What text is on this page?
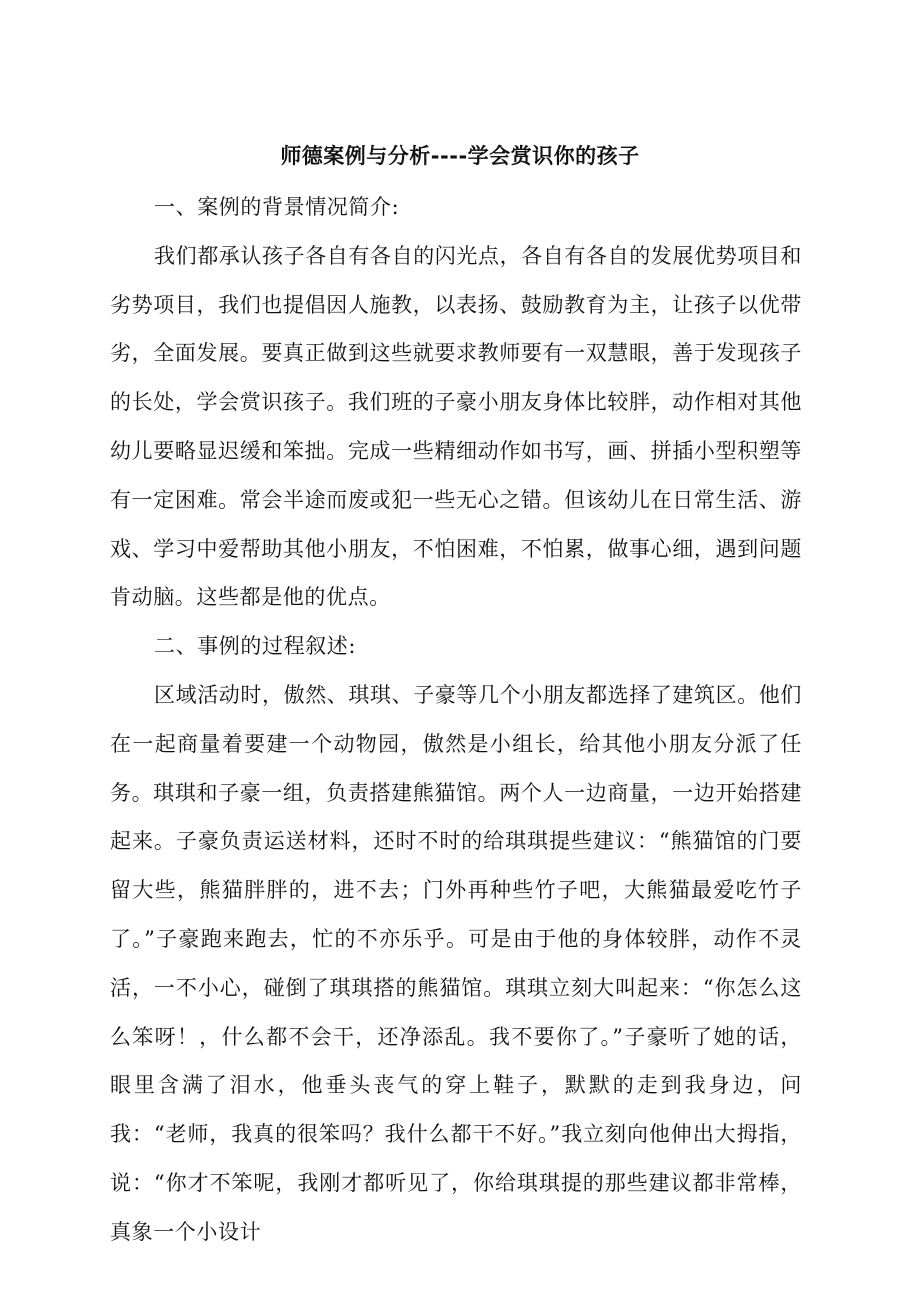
师德案例与分析----学会赏识你的孩子

一、案例的背景情况简介:

我们都承认孩子各自有各自的闪光点，各自有各自的发展优势项目和劣势项目，我们也提倡因人施教，以表扬、鼓励教育为主，让孩子以优带劣，全面发展。要真正做到这些就要求教师要有一双慧眼，善于发现孩子的长处，学会赏识孩子。我们班的子豪小朋友身体比较胖，动作相对其他幼儿要略显迟缓和笨拙。完成一些精细动作如书写，画、拼插小型积塑等有一定困难。常会半途而废或犯一些无心之错。但该幼儿在日常生活、游戏、学习中爱帮助其他小朋友，不怕困难，不怕累，做事心细，遇到问题肯动脑。这些都是他的优点。

二、事例的过程叙述:

区域活动时，傲然、琪琪、子豪等几个小朋友都选择了建筑区。他们在一起商量着要建一个动物园，傲然是小组长，给其他小朋友分派了任务。琪琪和子豪一组，负责搭建熊猫馆。两个人一边商量，一边开始搭建起来。子豪负责运送材料，还时不时的给琪琪提些建议：“熊猫馆的门要留大些，熊猫胖胖的，进不去；门外再种些竹子吧，大熊猫最爱吃竹子了。”子豪跑来跑去，忙的不亦乐乎。可是由于他的身体较胖，动作不灵活，一不小心，碰倒了琪琪搭的熊猫馆。琪琪立刻大叫起来：“你怎么这么笨呀！，什么都不会干，还净添乱。我不要你了。”子豪听了她的话，眼里含满了泪水，他垂头丧气的穿上鞋子，默默的走到我身边，问我：“老师，我真的很笨吗？我什么都干不好。”我立刻向他伸出大拇指，说：“你才不笨呢，我刚才都听见了，你给琪琪提的那些建议都非常棒，真象一个小设计
